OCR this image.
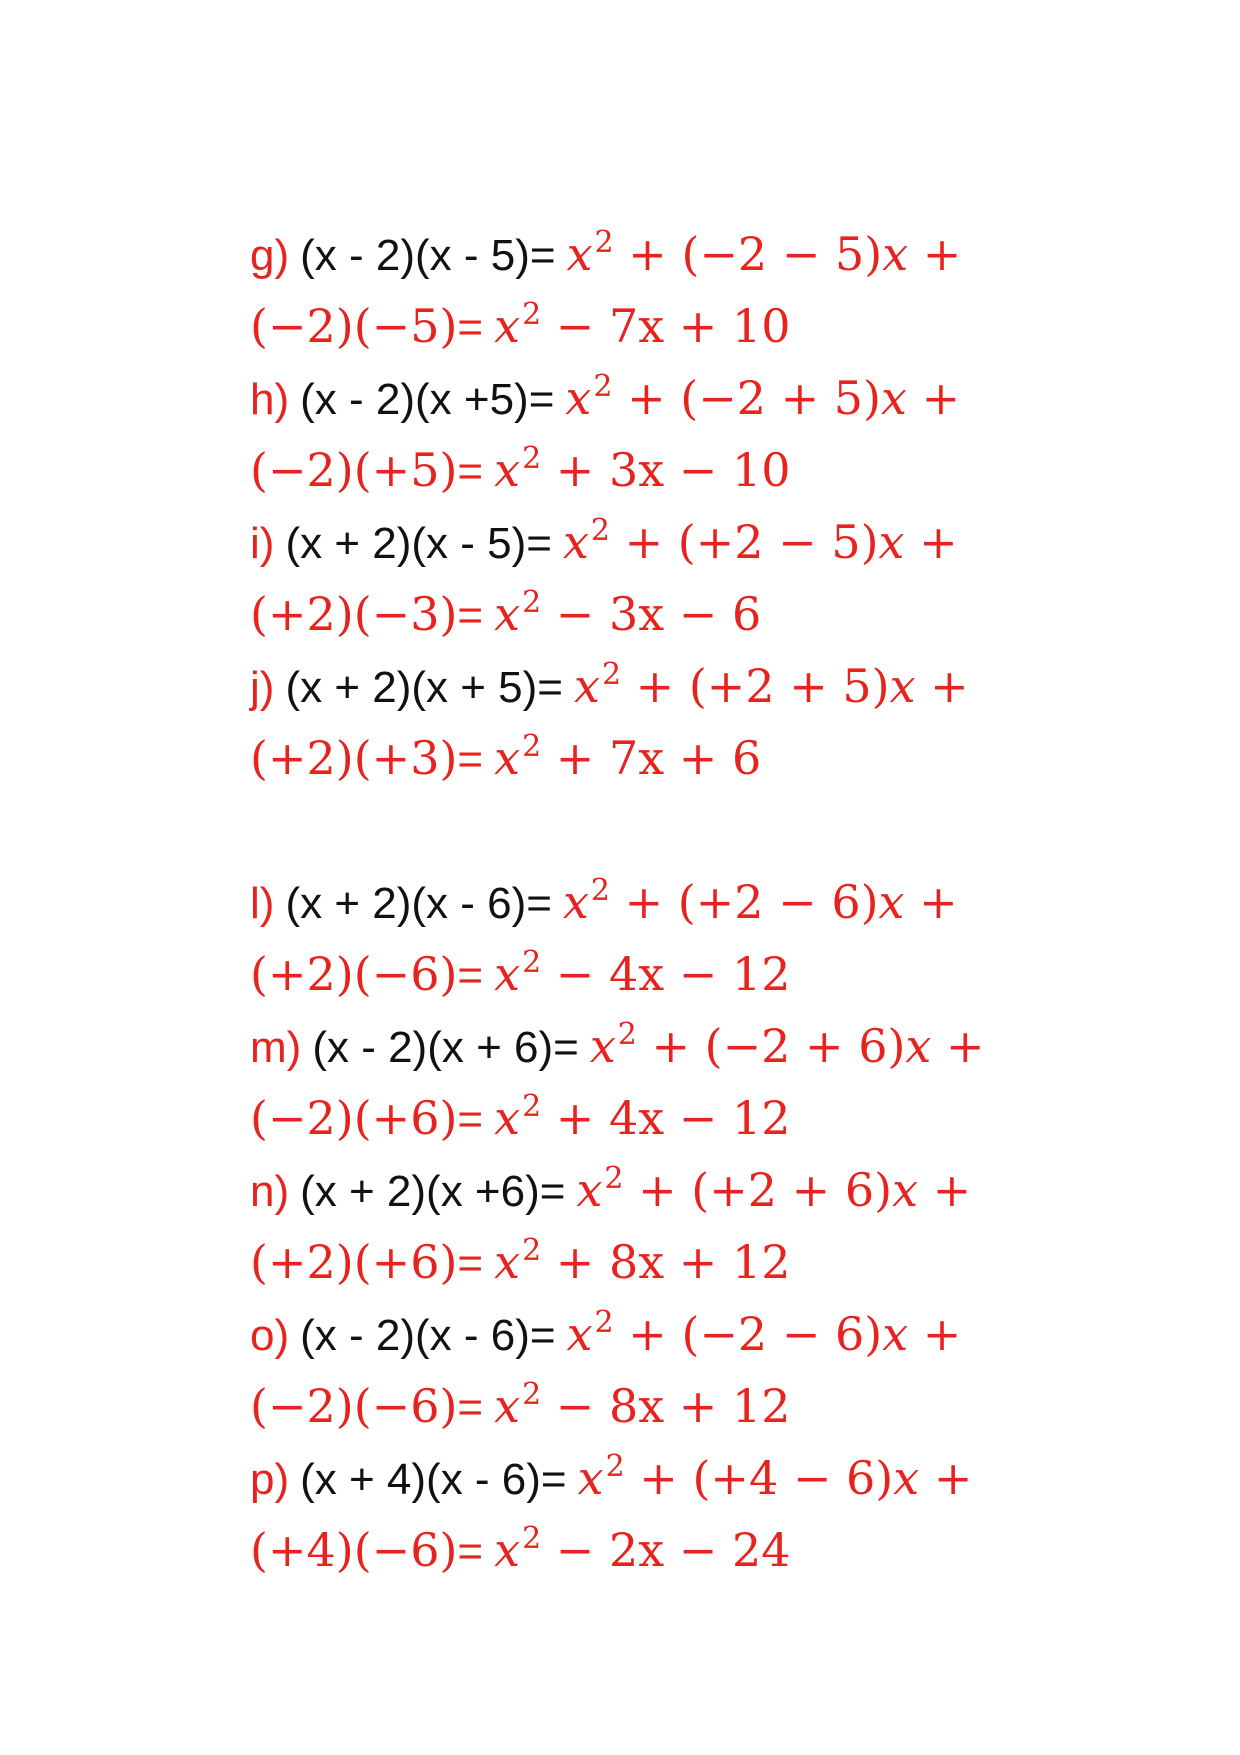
g) $(x - 2)(x - 5)= x^2 + (-2 - 5)x$ +
$(-2)(-5)= x^2 - 7x + 10$
h) $(x - 2)(x +5)= x^2 + (-2 + 5)x$ +
$(-2)(+5)= x^2 + 3x - 10$
i) $(x + 2)(x - 5)= x^2 + (+2 - 5)x$ +
$(+2)(-3)= x^2 - 3x - 6$
j) $(x + 2)(x + 5)= x^2 + (+2 + 5)x$ +
$(+2)(+3)= x^2 + 7x + 6$
l) $(x + 2)(x - 6)= x^2 + (+2 - 6)x$ +
$(+2)(-6)= x^2 - 4x - 12$
m) $(x - 2)(x + 6)= x^2 + (-2 + 6)x$ +
$(-2)(+6)= x^2 + 4x - 12$
n) $(x + 2)(x +6)= x^2 + (+2 + 6)x$ +
$(+2)(+6)= x^2 + 8x + 12$
o) $(x - 2)(x - 6)= x^2 + (-2 - 6)x$ +
$(-2)(-6)= x^2 - 8x + 12$
p) $(x + 4)(x - 6)= x^2 + (+4 - 6)x$ +
$(+4)(-6)= x^2 - 2x - 24$
